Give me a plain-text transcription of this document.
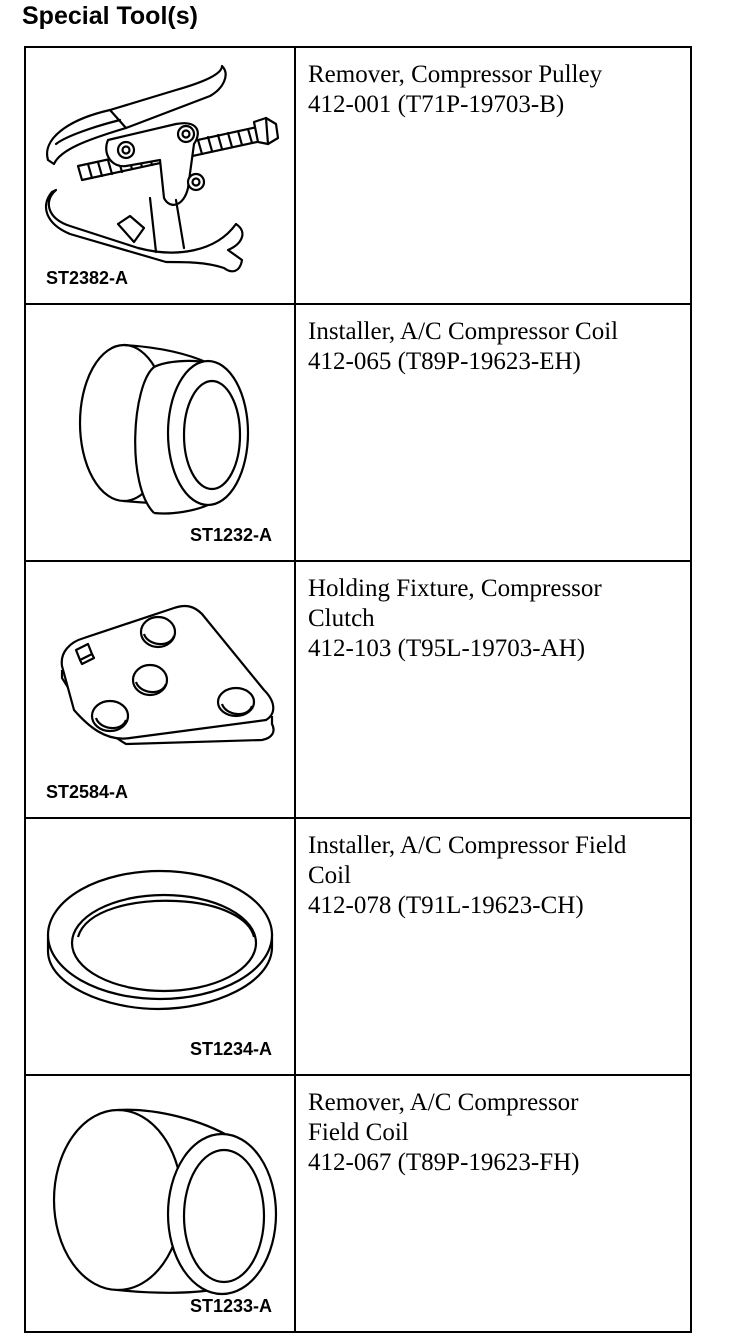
Special Tool(s)
ST2382-A	Remover, Compressor Pulley
412-001 (T71P-19703-B)

ST1232-A	Installer, A/C Compressor Coil
412-065 (T89P-19623-EH)

ST2584-A	Holding Fixture, Compressor
Clutch
412-103 (T95L-19703-AH)

ST1234-A	Installer, A/C Compressor Field
Coil
412-078 (T91L-19623-CH)

ST1233-A	Remover, A/C Compressor
Field Coil
412-067 (T89P-19623-FH)
